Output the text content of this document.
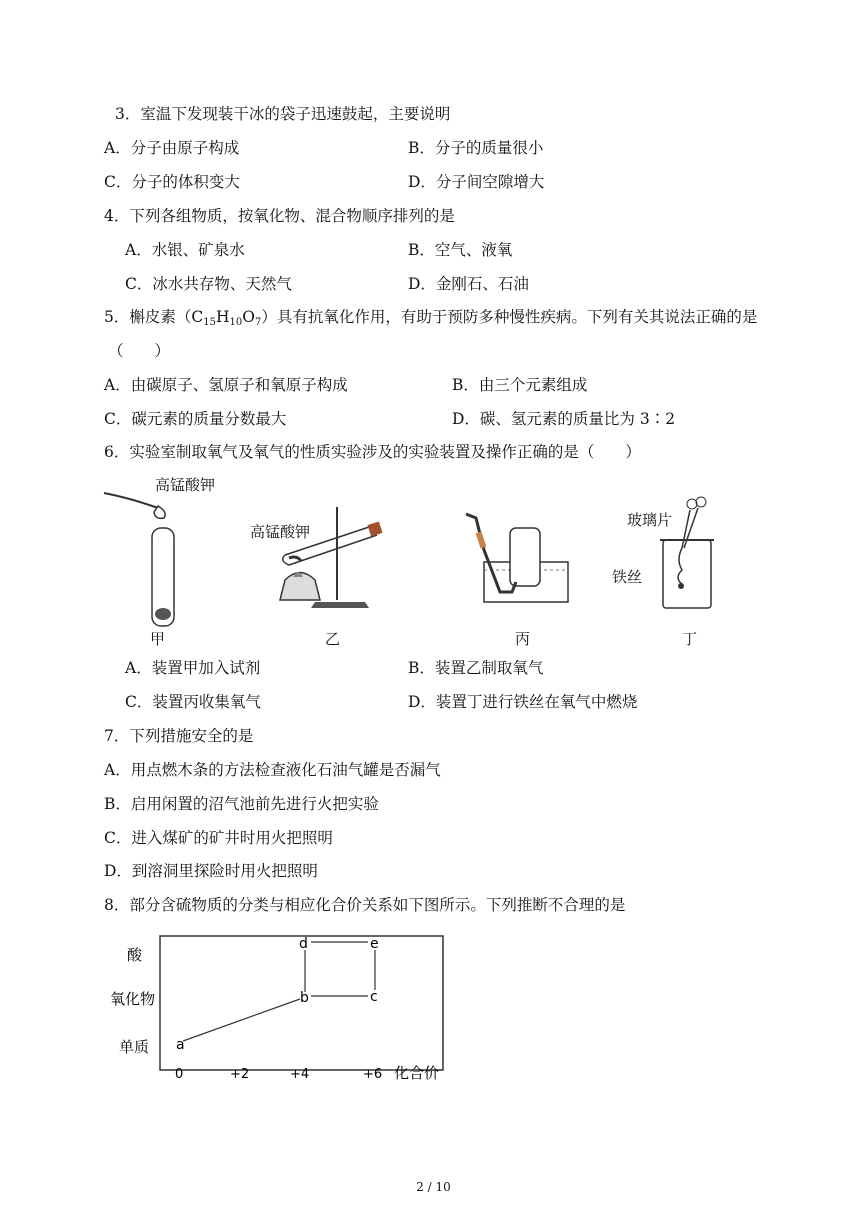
3．室温下发现装干冰的袋子迅速鼓起，主要说明
A．分子由原子构成	B．分子的质量很小
C．分子的体积变大	D．分子间空隙增大
4．下列各组物质，按氧化物、混合物顺序排列的是
A．水银、矿泉水	B．空气、液氧
C．冰水共存物、天然气	D．金刚石、石油
5．槲皮素$(C_{15}H_{10}O_7)$具有抗氧化作用，有助于预防多种慢性疾病。下列有关其说法正确的是
（　　）
A．由碳原子、氢原子和氧原子构成	B．由三个元素组成
C．碳元素的质量分数最大	D．碳、氢元素的质量比为 3∶2
6．实验室制取氧气及氧气的性质实验涉及的实验装置及操作正确的是（　　）
高锰酸钾
高锰酸钾
玻璃片
铁丝
甲	乙	丙	丁
A．装置甲加入试剂	B．装置乙制取氧气
C．装置丙收集氧气	D．装置丁进行铁丝在氧气中燃烧
7．下列措施安全的是
A．用点燃木条的方法检查液化石油气罐是否漏气
B．启用闲置的沼气池前先进行火把实验
C．进入煤矿的矿井时用火把照明
D．到溶洞里探险时用火把照明
8．部分含硫物质的分类与相应化合价关系如下图所示。下列推断不合理的是
酸
氧化物
单质 a
b	c
d	e
0	+2	+4	+6 化合价
2 / 10
